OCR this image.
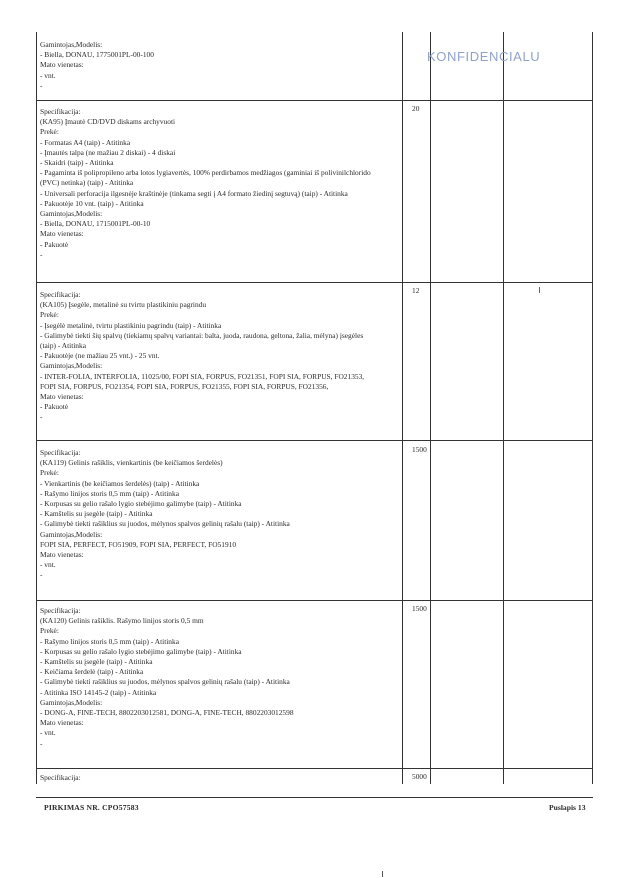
KONFIDENCIALU
Gamintojas,Modelis:
- Biella, DONAU, 1775001PL-00-100
Mato vienetas:
- vnt.
-
20
Specifikacija:
(KA95) Įmautė CD/DVD diskams archyvuoti
Prekė:
- Formatas A4 (taip) - Atitinka
- Įmautės talpa (ne mažiau 2 diskai) - 4 diskai
- Skaidri (taip) - Atitinka
- Pagaminta iš polipropileno arba lotos lygiavertės, 100% perdirbamos medžiagos (gaminiai iš polivinilchlorido
(PVC) netinka) (taip) - Atitinka
- Universali perforacija ilgesnėje kraštinėje (tinkama segti į A4 formato žiedinį segtuvą) (taip) - Atitinka
- Pakuotėje 10 vnt. (taip) - Atitinka
Gamintojas,Modelis:
- Biella, DONAU, 1715001PL-00-10
Mato vienetas:
- Pakuotė
-
12
Specifikacija:
(KA105) Įsegėle, metalinė su tvirtu plastikiniu pagrindu
Prekė:
- Įsegėlė metalinė, tvirtu plastikiniu pagrindu (taip) - Atitinka
- Galimybė tiekti šių spalvų (tiekiamų spalvų variantai: balta, juoda, raudona, geltona, žalia, mėlyna) įsegėles
(taip) - Atitinka
- Pakuotėje (ne mažiau 25 vnt.) - 25 vnt.
Gamintojas,Modelis:
- INTER-FOLIA, INTERFOLIA, 11025/00, FOPI SIA, FORPUS, FO21351, FOPI SIA, FORPUS, FO21353,
FOPI SIA, FORPUS, FO21354, FOPI SIA, FORPUS, FO21355, FOPI SIA, FORPUS, FO21356,
Mato vienetas:
- Pakuotė
-
1500
Specifikacija:
(KA119) Gelinis rašiklis, vienkartinis (be keičiamos šerdelės)
Prekė:
- Vienkartinis (be keičiamos šerdelės) (taip) - Atitinka
- Rašymo linijos storis 0,5 mm (taip) - Atitinka
- Korpusas su gelio rašalo lygio stebėjimo galimybe (taip) - Atitinka
- Kamštelis su įsegėle (taip) - Atitinka
- Galimybė tiekti rašiklius su juodos, mėlynos spalvos gelinių rašalu (taip) - Atitinka
Gamintojas,Modelis:
FOPI SIA, PERFECT, FO51909, FOPI SIA, PERFECT, FO51910
Mato vienetas:
- vnt.
-
1500
Specifikacija:
(KA120) Gelinis rašiklis. Rašymo linijos storis 0,5 mm
Prekė:
- Rašymo linijos storis 0,5 mm (taip) - Atitinka
- Korpusas su gelio rašalo lygio stebėjimo galimybe (taip) - Atitinka
- Kamštelis su įsegėle (taip) - Atitinka
- Keičiama šerdelė (taip) - Atitinka
- Galimybė tiekti rašiklius su juodos, mėlynos spalvos gelinių rašalu (taip) - Atitinka
- Atitinka ISO 14145-2 (taip) - Atitinka
Gamintojas,Modelis:
- DONG-A, FINE-TECH, 8802203012581, DONG-A, FINE-TECH, 8802203012598
Mato vienetas:
- vnt.
-
5000
Specifikacija:
PIRKIMAS NR. CPO57583	Puslapis 13
